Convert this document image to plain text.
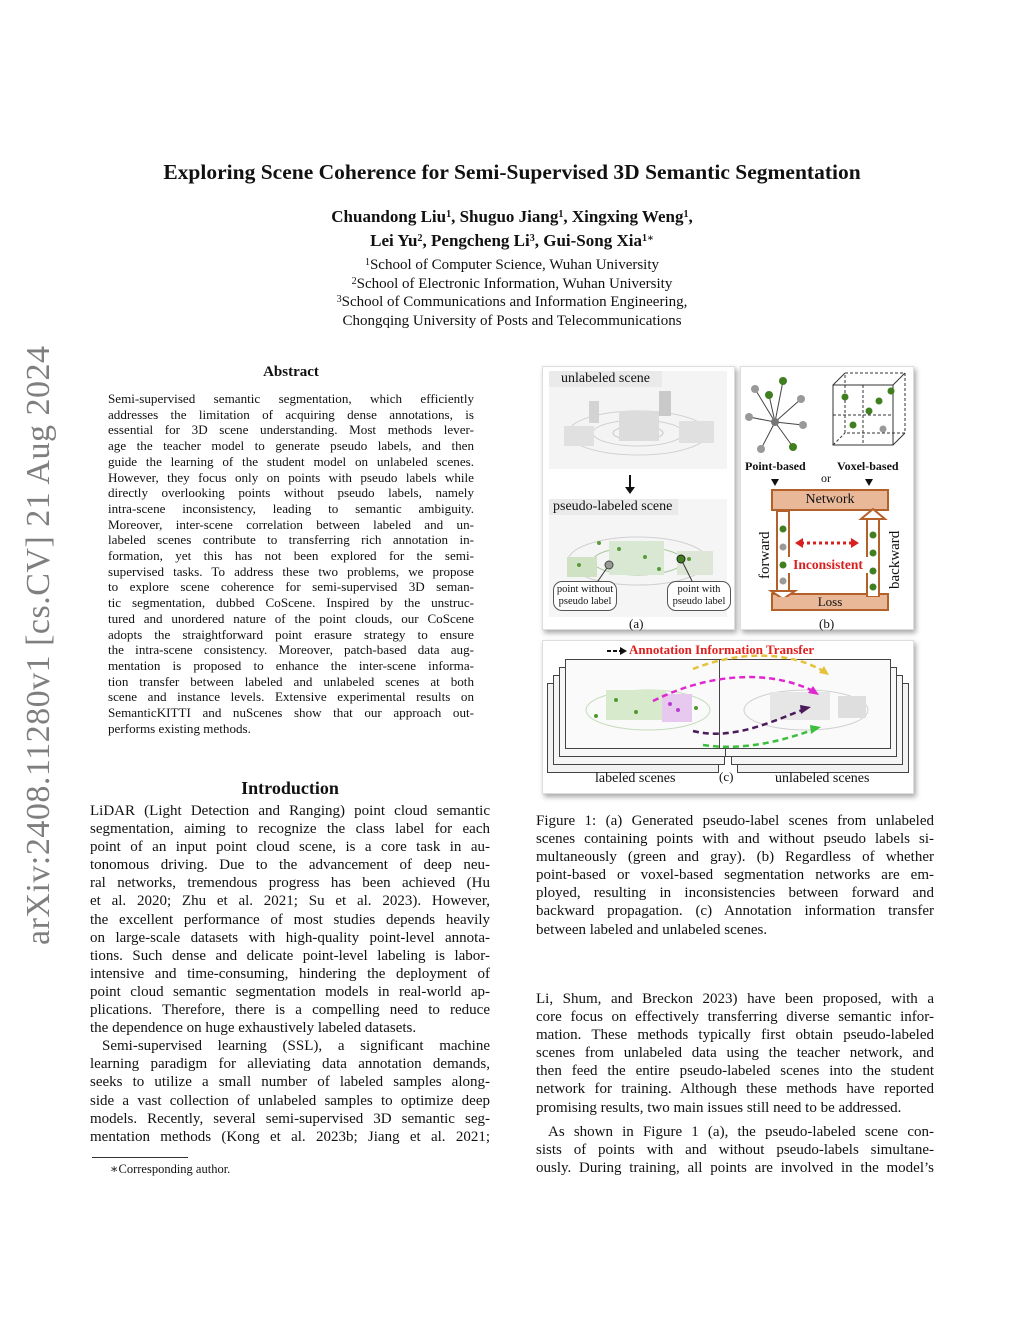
arXiv:2408.11280v1 [cs.CV] 21 Aug 2024
Exploring Scene Coherence for Semi-Supervised 3D Semantic Segmentation
Chuandong Liu$^1$, Shuguo Jiang$^1$, Xingxing Weng$^1$,
Lei Yu$^2$, Pengcheng Li$^3$, Gui-Song Xia$^{1∗}$
$^1$School of Computer Science, Wuhan University
$^2$School of Electronic Information, Wuhan University
$^3$School of Communications and Information Engineering,
Chongqing University of Posts and Telecommunications
Abstract
Semi-supervised semantic segmentation, which efficiently
addresses the limitation of acquiring dense annotations, is
essential for 3D scene understanding. Most methods lever-
age the teacher model to generate pseudo labels, and then
guide the learning of the student model on unlabeled scenes.
However, they focus only on points with pseudo labels while
directly overlooking points without pseudo labels, namely
intra-scene inconsistency, leading to semantic ambiguity.
Moreover, inter-scene correlation between labeled and un-
labeled scenes contribute to transferring rich annotation in-
formation, yet this has not been explored for the semi-
supervised tasks. To address these two problems, we propose
to explore scene coherence for semi-supervised 3D seman-
tic segmentation, dubbed CoScene. Inspired by the unstruc-
tured and unordered nature of the point clouds, our CoScene
adopts the straightforward point erasure strategy to ensure
the intra-scene consistency. Moreover, patch-based data aug-
mentation is proposed to enhance the inter-scene informa-
tion transfer between labeled and unlabeled scenes at both
scene and instance levels. Extensive experimental results on
SemanticKITTI and nuScenes show that our approach out-
performs existing methods.
Introduction
LiDAR (Light Detection and Ranging) point cloud semantic
segmentation, aiming to recognize the class label for each
point of an input point cloud scene, is a core task in au-
tonomous driving. Due to the advancement of deep neu-
ral networks, tremendous progress has been achieved (Hu
et al. 2020; Zhu et al. 2021; Su et al. 2023). However,
the excellent performance of most studies depends heavily
on large-scale datasets with high-quality point-level annota-
tions. Such dense and delicate point-level labeling is labor-
intensive and time-consuming, hindering the deployment of
point cloud semantic segmentation models in real-world ap-
plications. Therefore, there is a compelling need to reduce
the dependence on huge exhaustively labeled datasets.
Semi-supervised learning (SSL), a significant machine
learning paradigm for alleviating data annotation demands,
seeks to utilize a small number of labeled samples along-
side a vast collection of unlabeled samples to optimize deep
models. Recently, several semi-supervised 3D semantic seg-
mentation methods (Kong et al. 2023b; Jiang et al. 2021;
∗Corresponding author.
unlabeled scene
pseudo-labeled scene
point without
pseudo label
point with
pseudo label
(a)
Point-based	Voxel-based
or
Network
Loss
forward	backward
Inconsistent
(b)
Annotation Information Transfer
labeled scenes	(c)	unlabeled scenes
Figure 1: (a) Generated pseudo-label scenes from unlabeled
scenes containing points with and without pseudo labels si-
multaneously (green and gray). (b) Regardless of whether
point-based or voxel-based segmentation networks are em-
ployed, resulting in inconsistencies between forward and
backward propagation. (c) Annotation information transfer
between labeled and unlabeled scenes.
Li, Shum, and Breckon 2023) have been proposed, with a
core focus on effectively transferring diverse semantic infor-
mation. These methods typically first obtain pseudo-labeled
scenes from unlabeled data using the teacher network, and
then feed the entire pseudo-labeled scenes into the student
network for training. Although these methods have reported
promising results, two main issues still need to be addressed.
As shown in Figure 1 (a), the pseudo-labeled scene con-
sists of points with and without pseudo-labels simultane-
ously. During training, all points are involved in the model’s
